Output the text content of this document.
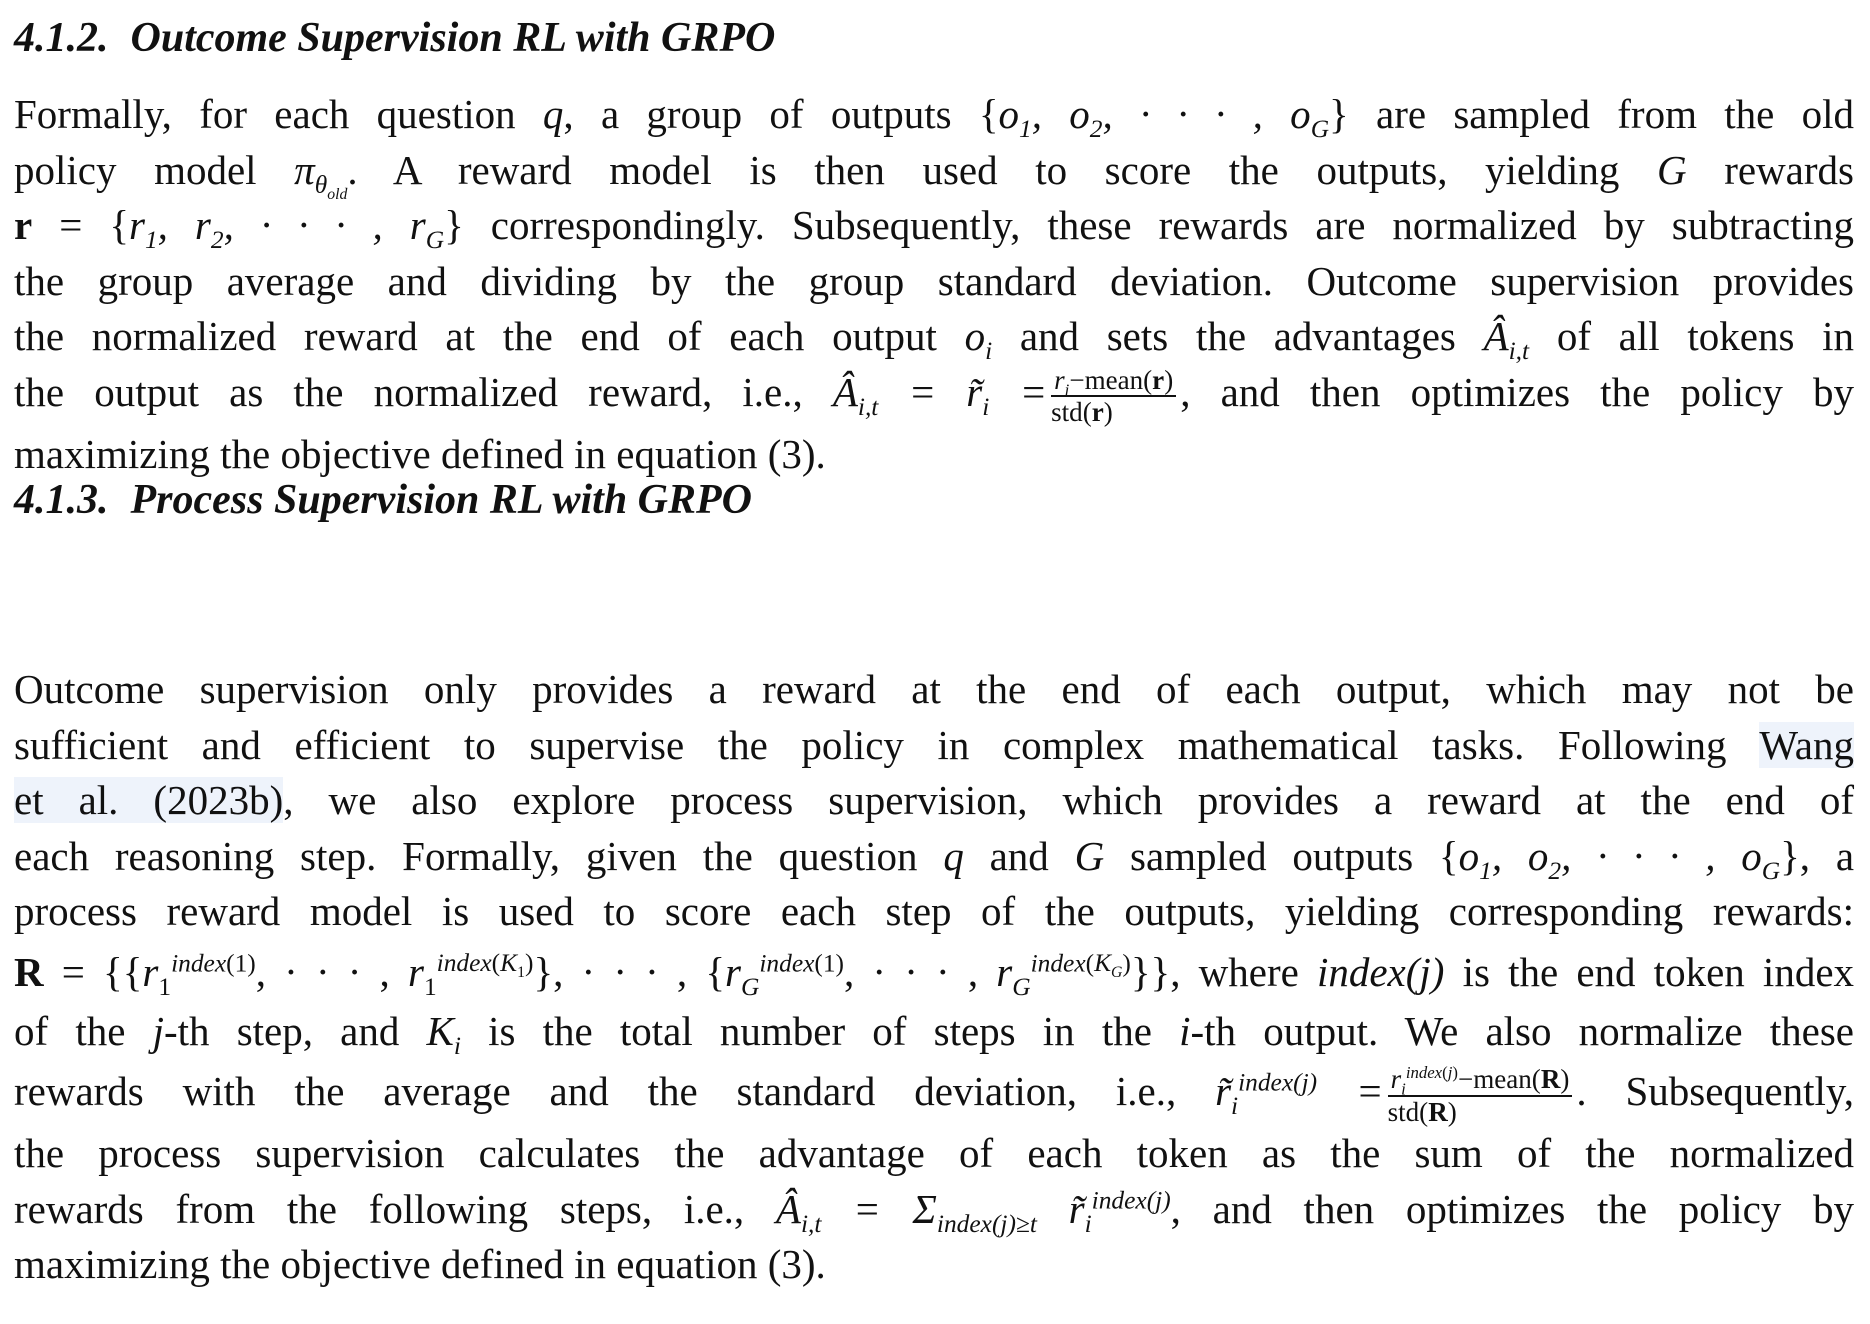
4.1.2. Outcome Supervision RL with GRPO
Formally, for each question q, a group of outputs {$o_1$, $o_2$, · · · , $o_G$} are sampled from the old
policy model $\pi_{\theta_{old}}$. A reward model is then used to score the outputs, yielding G rewards
$r = \{r_1$, $r_2$, · · · , $r_G$} correspondingly. Subsequently, these rewards are normalized by subtracting
the group average and dividing by the group standard deviation. Outcome supervision provides
the normalized reward at the end of each output $o_i$ and sets the advantages $Â_{i,t}$ of all tokens in
the output as the normalized reward, i.e., $Â_{i,t}$ = $r̃_i = \frac{r_i-mean(r)}{\text{std(r)}}$ , and then optimizes the policy by
maximizing the objective defined in equation (3).
4.1.3. Process Supervision RL with GRPO
Outcome supervision only provides a reward at the end of each output, which may not be
sufficient and efficient to supervise the policy in complex mathematical tasks. Following Wang
et al. (2023b), we also explore process supervision, which provides a reward at the end of
each reasoning step. Formally, given the question q and G sampled outputs {$o_1$, $o_2$, · · · , $o_G$}, a
process reward model is used to score each step of the outputs, yielding corresponding rewards:
$R = \{\{r_1^{index(1)}$, · · · , $r_1^{index(K_1)}$}, · · · , {$r_G^{index(1)}$, · · · , $r_G^{index(K_G)}$}}, where index(j) is the end token index
of the j-th step, and $K_i$ is the total number of steps in the i-th output. We also normalize these
rewards with the average and the standard deviation, i.e., $r̃_i^{index(j)} = \frac{r_i^{index(j)}-mean(R)}{\text{std(R)}}$ . Subsequently,
the process supervision calculates the advantage of each token as the sum of the normalized
rewards from the following steps, i.e., $Â_{i,t} = \Sigma_{index(j)\ge t}$ $r̃_i^{index(j)}$, and then optimizes the policy by
maximizing the objective defined in equation (3).
